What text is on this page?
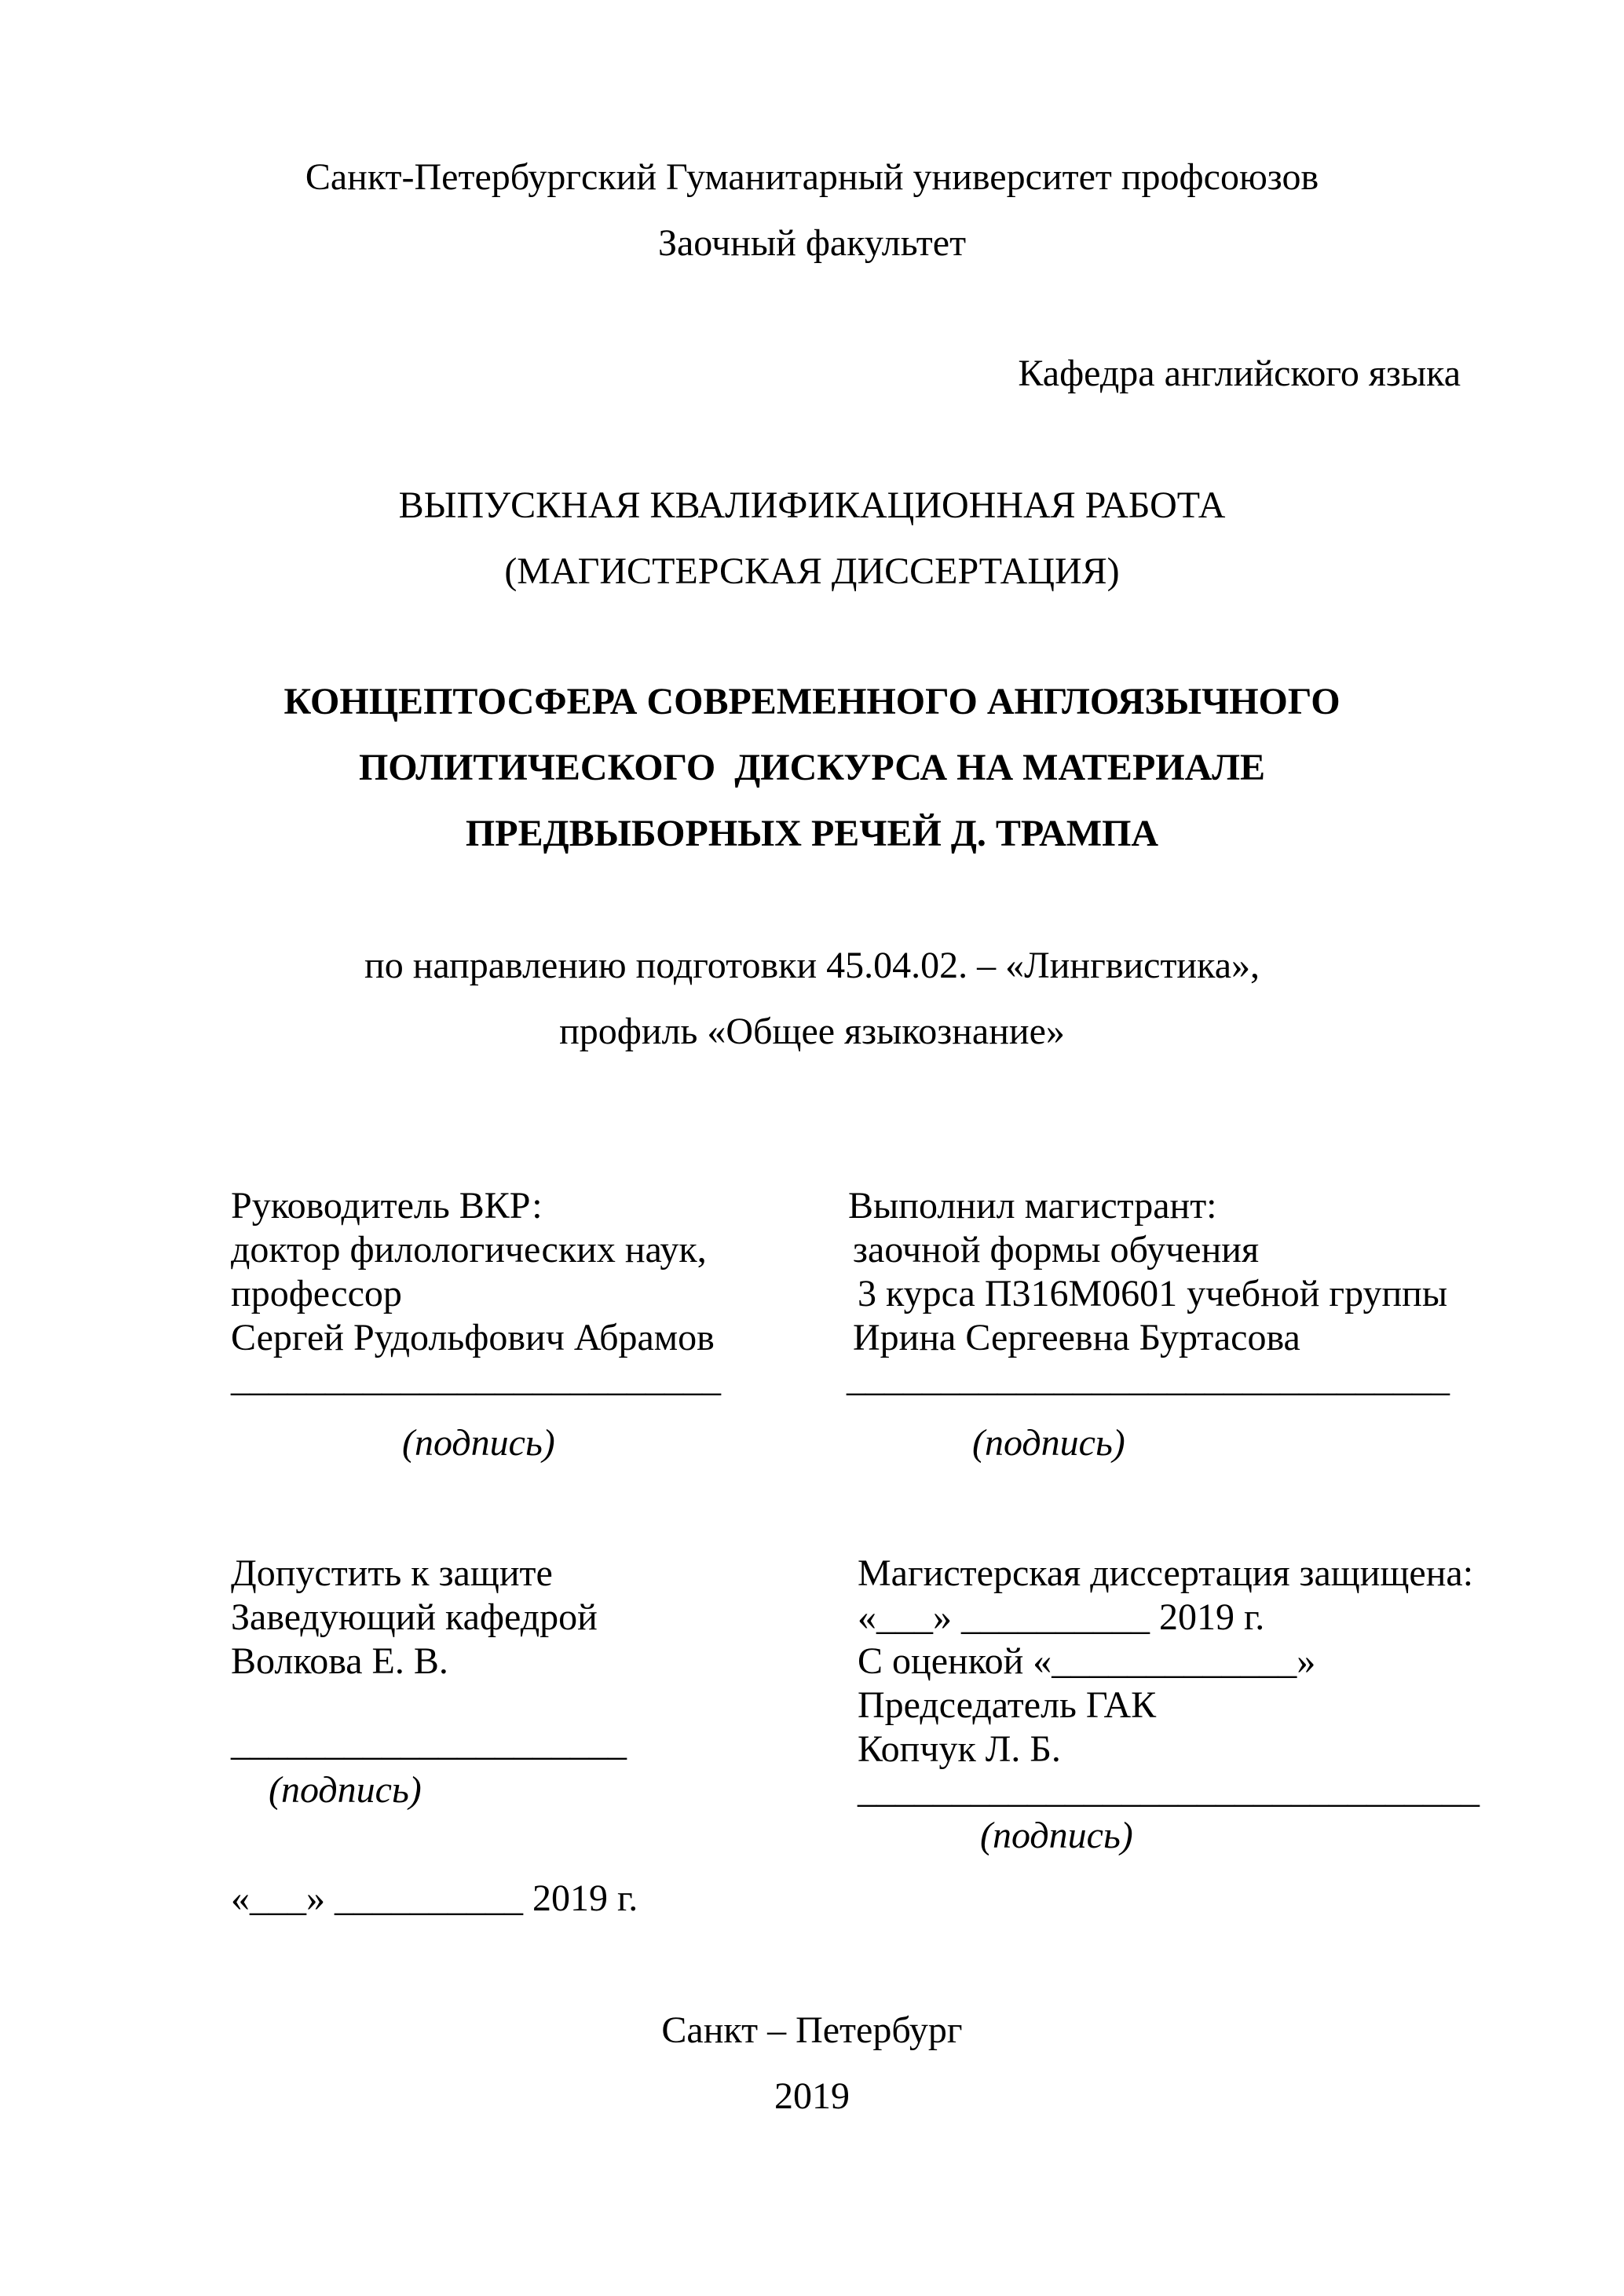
Санкт-Петербургский Гуманитарный университет профсоюзов
Заочный факультет
Кафедра английского языка
ВЫПУСКНАЯ КВАЛИФИКАЦИОННАЯ РАБОТА
(МАГИСТЕРСКАЯ ДИССЕРТАЦИЯ)
КОНЦЕПТОСФЕРА СОВРЕМЕННОГО АНГЛОЯЗЫЧНОГО
ПОЛИТИЧЕСКОГО  ДИСКУРСА НА МАТЕРИАЛЕ
ПРЕДВЫБОРНЫХ РЕЧЕЙ Д. ТРАМПА
по направлению подготовки 45.04.02. – «Лингвистика»,
профиль «Общее языкознание»
Руководитель ВКР:
доктор филологических наук,
профессор
Сергей Рудольфович Абрамов
__________________________
(подпись)
Выполнил магистрант:
заочной формы обучения
3 курса П316М0601 учебной группы
Ирина Сергеевна Буртасова
________________________________
(подпись)
Допустить к защите
Заведующий кафедрой
Волкова Е. В.
_____________________
(подпись)
«___» __________ 2019 г.
Магистерская диссертация защищена:
«___» __________ 2019 г.
С оценкой «_____________»
Председатель ГАК
Копчук Л. Б.
_________________________________
(подпись)
Санкт – Петербург
2019
